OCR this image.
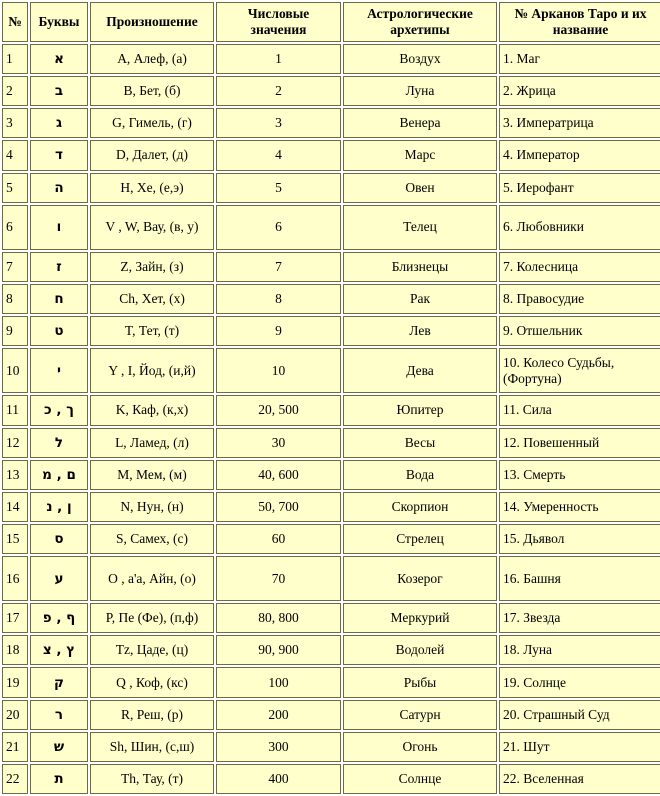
№	Буквы	Произношение	Числовые значения	Астрологические архетипы	№ Арканов Таро и их название
1	א	A, Алеф, (а)	1	Воздух	1. Маг
2	ב	B, Бет, (б)	2	Луна	2. Жрица
3	ג	G, Гимель, (г)	3	Венера	3. Императрица
4	ד	D, Далет, (д)	4	Марс	4. Император
5	ה	H, Хе, (е,э)	5	Овен	5. Иерофант
6	ו	V , W, Вау, (в, у)	6	Телец	6. Любовники
7	ז	Z, Зайн, (з)	7	Близнецы	7. Колесница
8	ח	Ch, Хет, (х)	8	Рак	8. Правосудие
9	ט	T, Тет, (т)	9	Лев	9. Отшельник
10	י	Y , I, Йод, (и,й)	10	Дева	10. Колесо Судьбы, (Фортуна)
11	ך , כ	K, Каф, (к,х)	20, 500	Юпитер	11. Сила
12	ל	L, Ламед, (л)	30	Весы	12. Повешенный
13	ם , מ	M, Мем, (м)	40, 600	Вода	13. Смерть
14	ן , נ	N, Нун, (н)	50, 700	Скорпион	14. Умеренность
15	ס	S, Самех, (с)	60	Стрелец	15. Дьявол
16	ע	O , а'а, Айн, (о)	70	Козерог	16. Башня
17	ף , פ	P, Пе (Фе), (п,ф)	80, 800	Меркурий	17. Звезда
18	ץ , צ	Tz, Цаде, (ц)	90, 900	Водолей	18. Луна
19	ק	Q , Коф, (кс)	100	Рыбы	19. Солнце
20	ר	R, Реш, (р)	200	Сатурн	20. Страшный Суд
21	ש	Sh, Шин, (с,ш)	300	Огонь	21. Шут
22	ת	Th, Тау, (т)	400	Солнце	22. Вселенная
